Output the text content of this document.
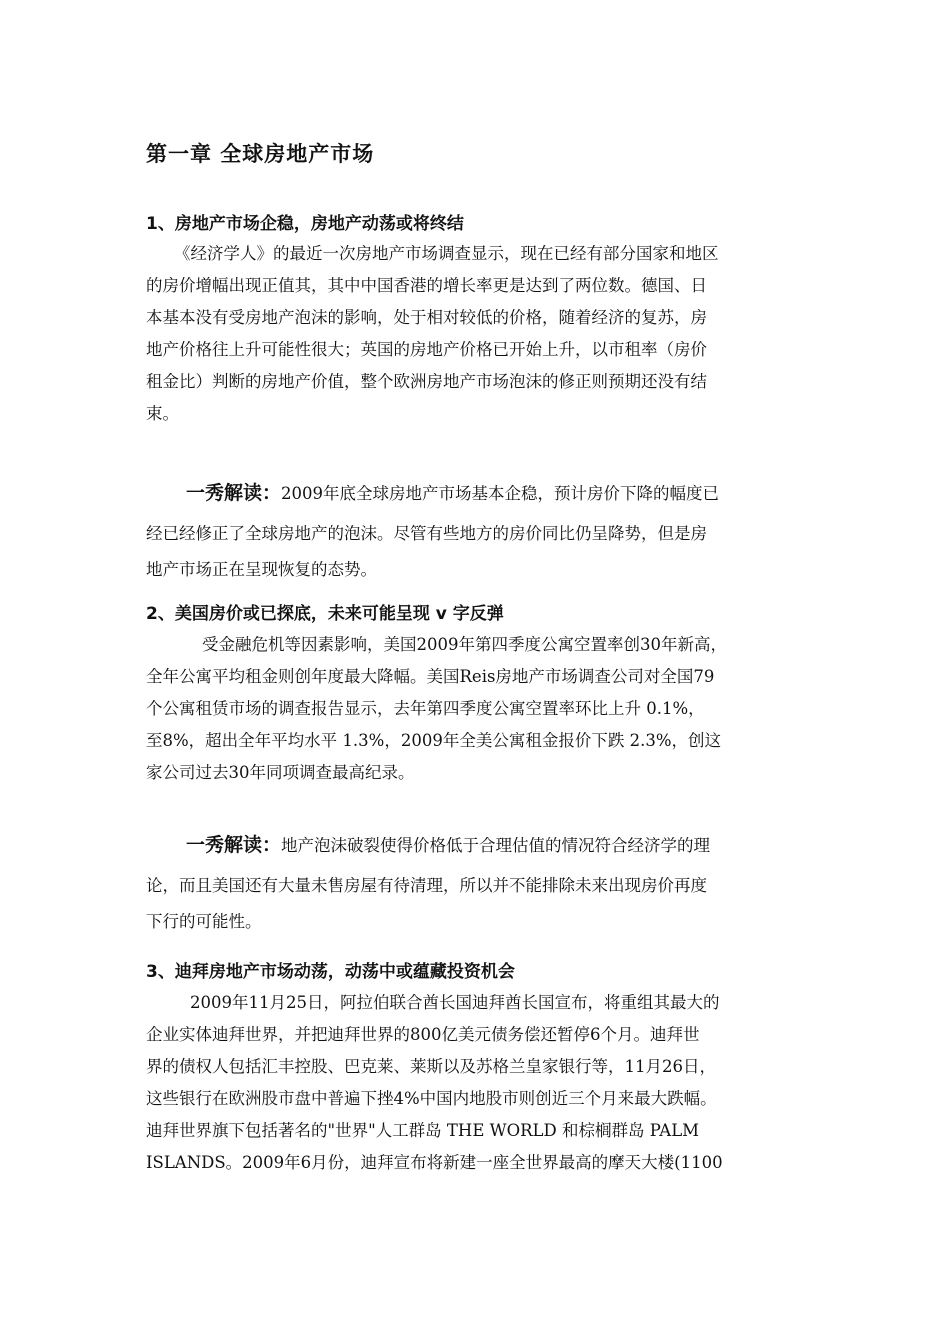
第一章 全球房地产市场
1、房地产市场企稳，房地产动荡或将终结
《经济学人》的最近一次房地产市场调查显示，现在已经有部分国家和地区
的房价增幅出现正值其，其中中国香港的增长率更是达到了两位数。德国、日
本基本没有受房地产泡沫的影响，处于相对较低的价格，随着经济的复苏，房
地产价格往上升可能性很大；英国的房地产价格已开始上升，以市租率（房价
租金比）判断的房地产价值，整个欧洲房地产市场泡沫的修正则预期还没有结
束。
一秀解读：2009年底全球房地产市场基本企稳，预计房价下降的幅度已
经已经修正了全球房地产的泡沫。尽管有些地方的房价同比仍呈降势，但是房
地产市场正在呈现恢复的态势。
2、美国房价或已探底，未来可能呈现 v 字反弹
受金融危机等因素影响，美国2009年第四季度公寓空置率创30年新高，
全年公寓平均租金则创年度最大降幅。美国Reis房地产市场调查公司对全国79
个公寓租赁市场的调查报告显示，去年第四季度公寓空置率环比上升 0.1%，
至8%，超出全年平均水平 1.3%，2009年全美公寓租金报价下跌 2.3%，创这
家公司过去30年同项调查最高纪录。
一秀解读：地产泡沫破裂使得价格低于合理估值的情况符合经济学的理
论，而且美国还有大量未售房屋有待清理，所以并不能排除未来出现房价再度
下行的可能性。
3、迪拜房地产市场动荡，动荡中或蕴藏投资机会
2009年11月25日，阿拉伯联合酋长国迪拜酋长国宣布，将重组其最大的
企业实体迪拜世界，并把迪拜世界的800亿美元债务偿还暂停6个月。迪拜世
界的债权人包括汇丰控股、巴克莱、莱斯以及苏格兰皇家银行等，11月26日，
这些银行在欧洲股市盘中普遍下挫4%中国内地股市则创近三个月来最大跌幅。
迪拜世界旗下包括著名的"世界"人工群岛 THE WORLD 和棕榈群岛 PALM
ISLANDS。2009年6月份，迪拜宣布将新建一座全世界最高的摩天大楼(1100
